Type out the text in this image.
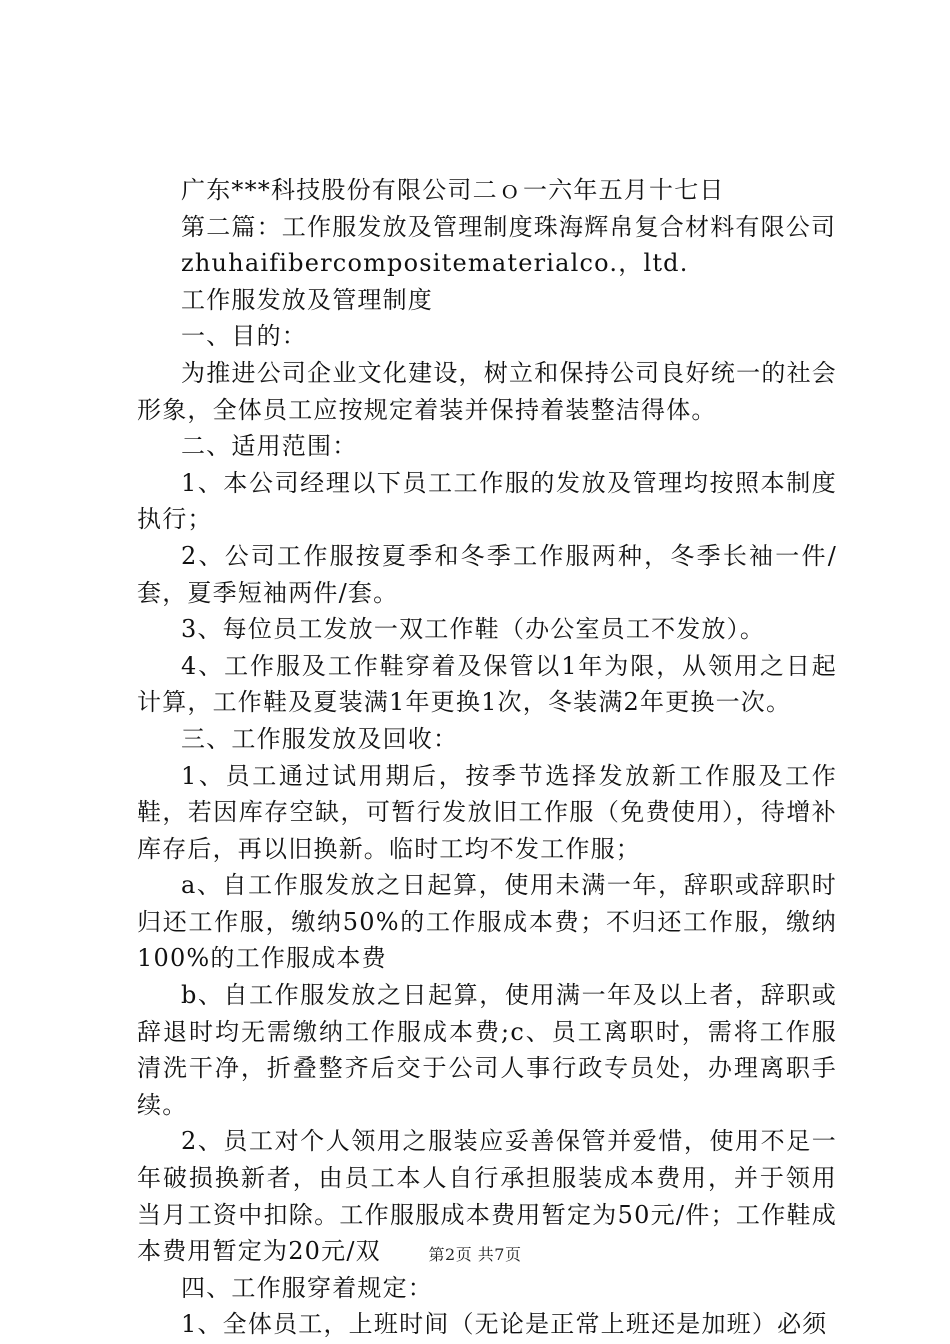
广东***科技股份有限公司二ｏ一六年五月十七日

第二篇：工作服发放及管理制度珠海辉帛复合材料有限公司

zhuhaifibercompositematerialco.，ltd.

工作服发放及管理制度

一、目的：

为推进公司企业文化建设，树立和保持公司良好统一的社会形象，全体员工应按规定着装并保持着装整洁得体。

二、适用范围：

1、本公司经理以下员工工作服的发放及管理均按照本制度执行；

2、公司工作服按夏季和冬季工作服两种，冬季长袖一件/套，夏季短袖两件/套。

3、每位员工发放一双工作鞋（办公室员工不发放）。

4、工作服及工作鞋穿着及保管以1年为限，从领用之日起计算，工作鞋及夏装满1年更换1次，冬装满2年更换一次。

三、工作服发放及回收：

1、员工通过试用期后，按季节选择发放新工作服及工作鞋，若因库存空缺，可暂行发放旧工作服（免费使用），待增补库存后，再以旧换新。临时工均不发工作服；

a、自工作服发放之日起算，使用未满一年，辞职或辞职时归还工作服，缴纳50%的工作服成本费；不归还工作服，缴纳100%的工作服成本费

b、自工作服发放之日起算，使用满一年及以上者，辞职或辞退时均无需缴纳工作服成本费;c、员工离职时，需将工作服清洗干净，折叠整齐后交于公司人事行政专员处，办理离职手续。

2、员工对个人领用之服装应妥善保管并爱惜，使用不足一年破损换新者，由员工本人自行承担服装成本费用，并于领用当月工资中扣除。工作服服成本费用暂定为50元/件；工作鞋成本费用暂定为20元/双

四、工作服穿着规定：

1、全体员工，上班时间（无论是正常上班还是加班）必须

第2页 共7页
